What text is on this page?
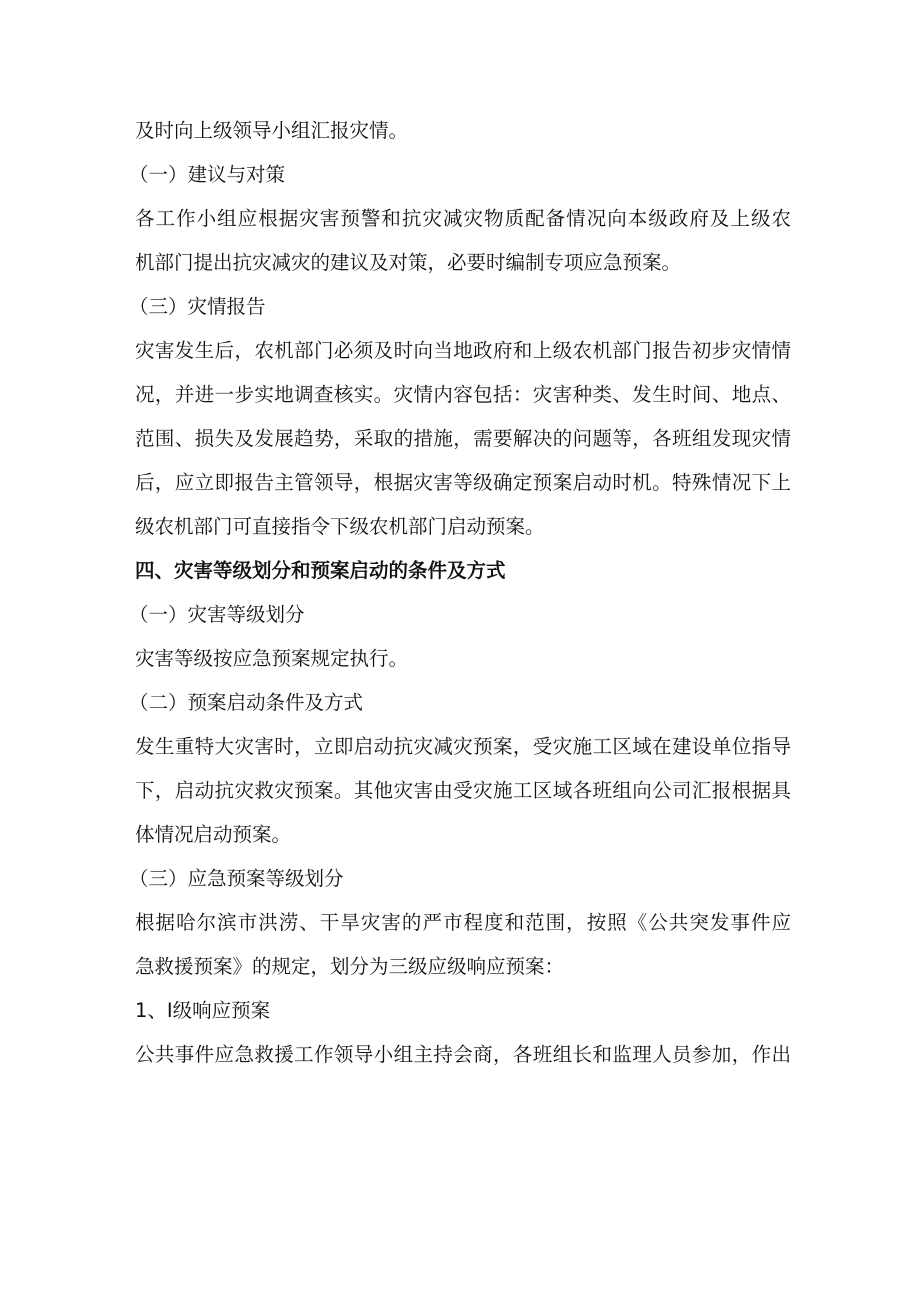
及时向上级领导小组汇报灾情。
（一）建议与对策
各工作小组应根据灾害预警和抗灾减灾物质配备情况向本级政府及上级农
机部门提出抗灾减灾的建议及对策，必要时编制专项应急预案。
（三）灾情报告
灾害发生后，农机部门必须及时向当地政府和上级农机部门报告初步灾情情
况，并进一步实地调查核实。灾情内容包括：灾害种类、发生时间、地点、
范围、损失及发展趋势，采取的措施，需要解决的问题等，各班组发现灾情
后，应立即报告主管领导，根据灾害等级确定预案启动时机。特殊情况下上
级农机部门可直接指令下级农机部门启动预案。
四、灾害等级划分和预案启动的条件及方式
（一）灾害等级划分
灾害等级按应急预案规定执行。
（二）预案启动条件及方式
发生重特大灾害时，立即启动抗灾减灾预案，受灾施工区域在建设单位指导
下，启动抗灾救灾预案。其他灾害由受灾施工区域各班组向公司汇报根据具
体情况启动预案。
（三）应急预案等级划分
根据哈尔滨市洪涝、干旱灾害的严市程度和范围，按照《公共突发事件应
急救援预案》的规定，划分为三级应级响应预案：
1、I级响应预案
公共事件应急救援工作领导小组主持会商，各班组长和监理人员参加，作出
